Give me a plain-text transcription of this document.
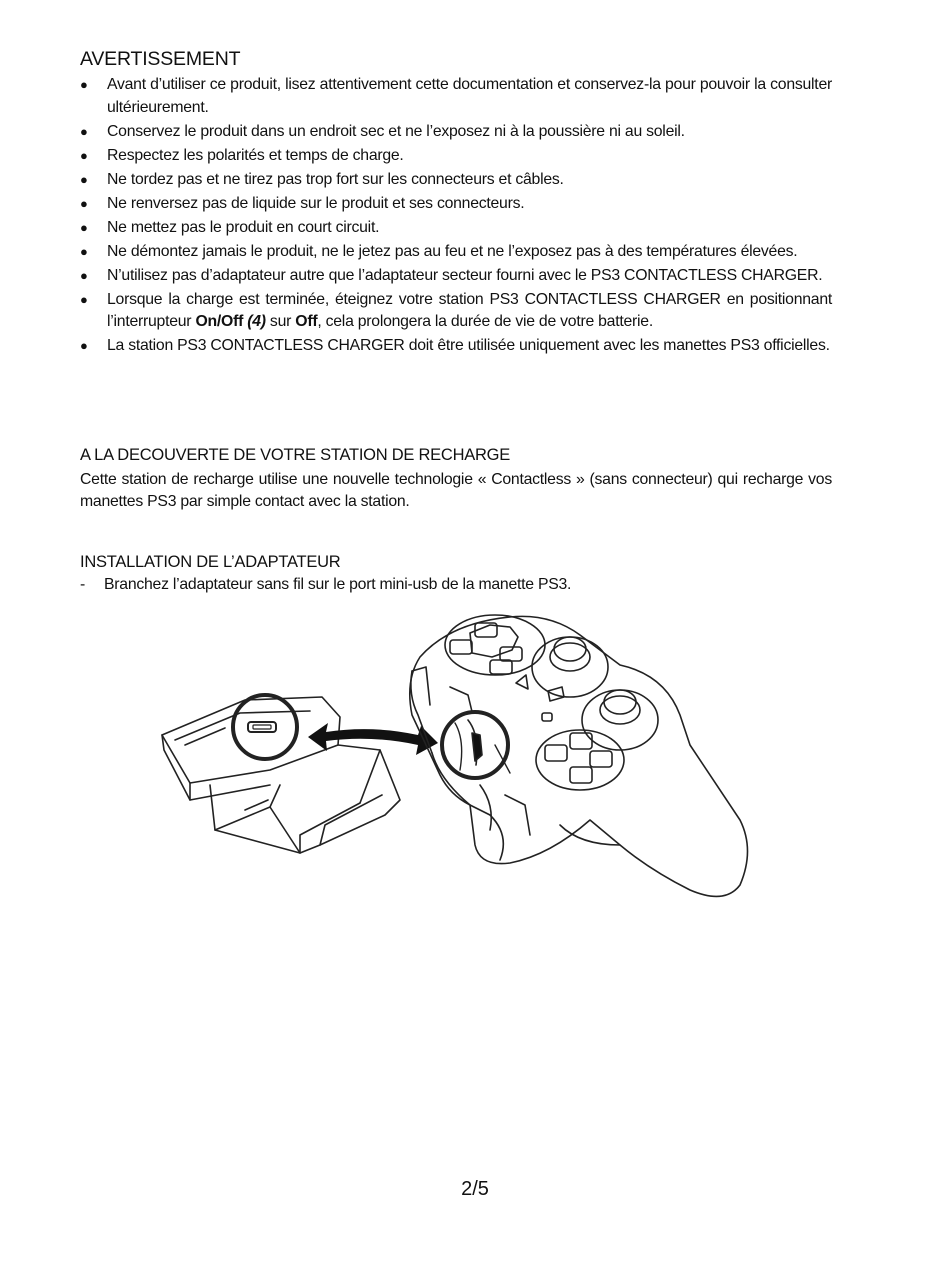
AVERTISSEMENT
● Avant d’utiliser ce produit, lisez attentivement cette documentation et conservez-la pour pouvoir la consulter ultérieurement.
● Conservez le produit dans un endroit sec et ne l’exposez ni à la poussière ni au soleil.
● Respectez les polarités et temps de charge.
● Ne tordez pas et ne tirez pas trop fort sur les connecteurs et câbles.
● Ne renversez pas de liquide sur le produit et ses connecteurs.
● Ne mettez pas le produit en court circuit.
● Ne démontez jamais le produit, ne le jetez pas au feu et ne l’exposez pas à des températures élevées.
● N’utilisez pas d’adaptateur autre que l’adaptateur secteur fourni avec le PS3 CONTACTLESS CHARGER.
● Lorsque la charge est terminée, éteignez votre station PS3 CONTACTLESS CHARGER en positionnant l’interrupteur On/Off (4) sur Off, cela prolongera la durée de vie de votre batterie.
● La station PS3 CONTACTLESS CHARGER doit être utilisée uniquement avec les manettes PS3 officielles.
A LA DECOUVERTE DE VOTRE STATION DE RECHARGE

Cette station de recharge utilise une nouvelle technologie « Contactless » (sans connecteur) qui recharge vos manettes PS3 par simple contact avec la station.

INSTALLATION DE L’ADAPTATEUR
- Branchez l’adaptateur sans fil sur le port mini-usb de la manette PS3.
2/5
